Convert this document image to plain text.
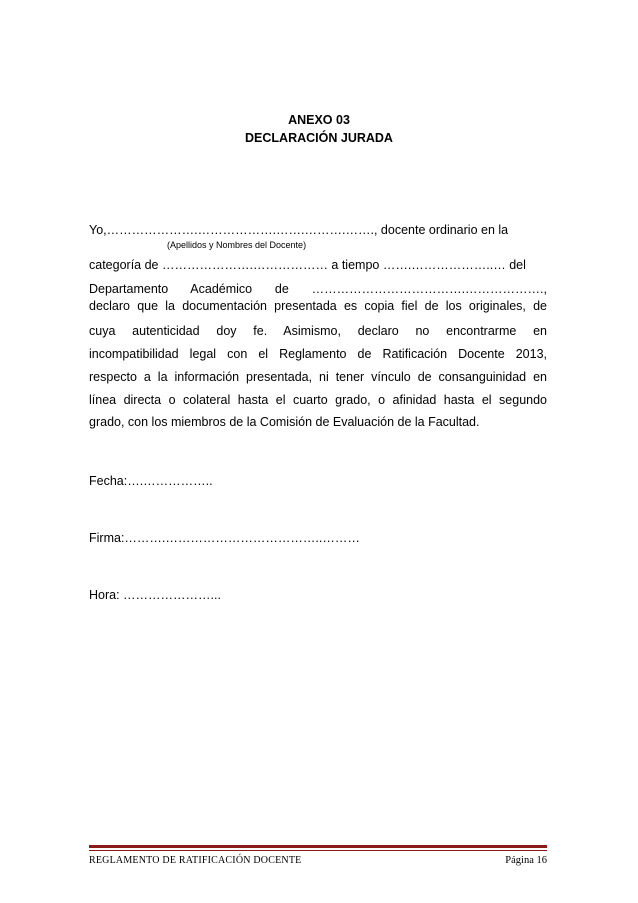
ANEXO 03
DECLARACIÓN JURADA
Yo,………………….……………….…….……….……., docente ordinario en la
(Apellidos y Nombres del Docente)
categoría de ………………….……………… a tiempo …….………………..… del
Departamento Académico de ……………………………….……………….,
declaro que la documentación presentada es copia fiel de los originales, de
cuya autenticidad doy fe. Asimismo, declaro no encontrarme en
incompatibilidad legal con el Reglamento de Ratificación Docente 2013,
respecto a la información presentada, ni tener vínculo de consanguinidad en
línea directa o colateral hasta el cuarto grado, o afinidad hasta el segundo
grado, con los miembros de la Comisión de Evaluación de la Facultad.
Fecha:….……………..
Firma:……….………………………………..………
Hora: …………………...
REGLAMENTO DE RATIFICACIÓN DOCENTE	Página 16
